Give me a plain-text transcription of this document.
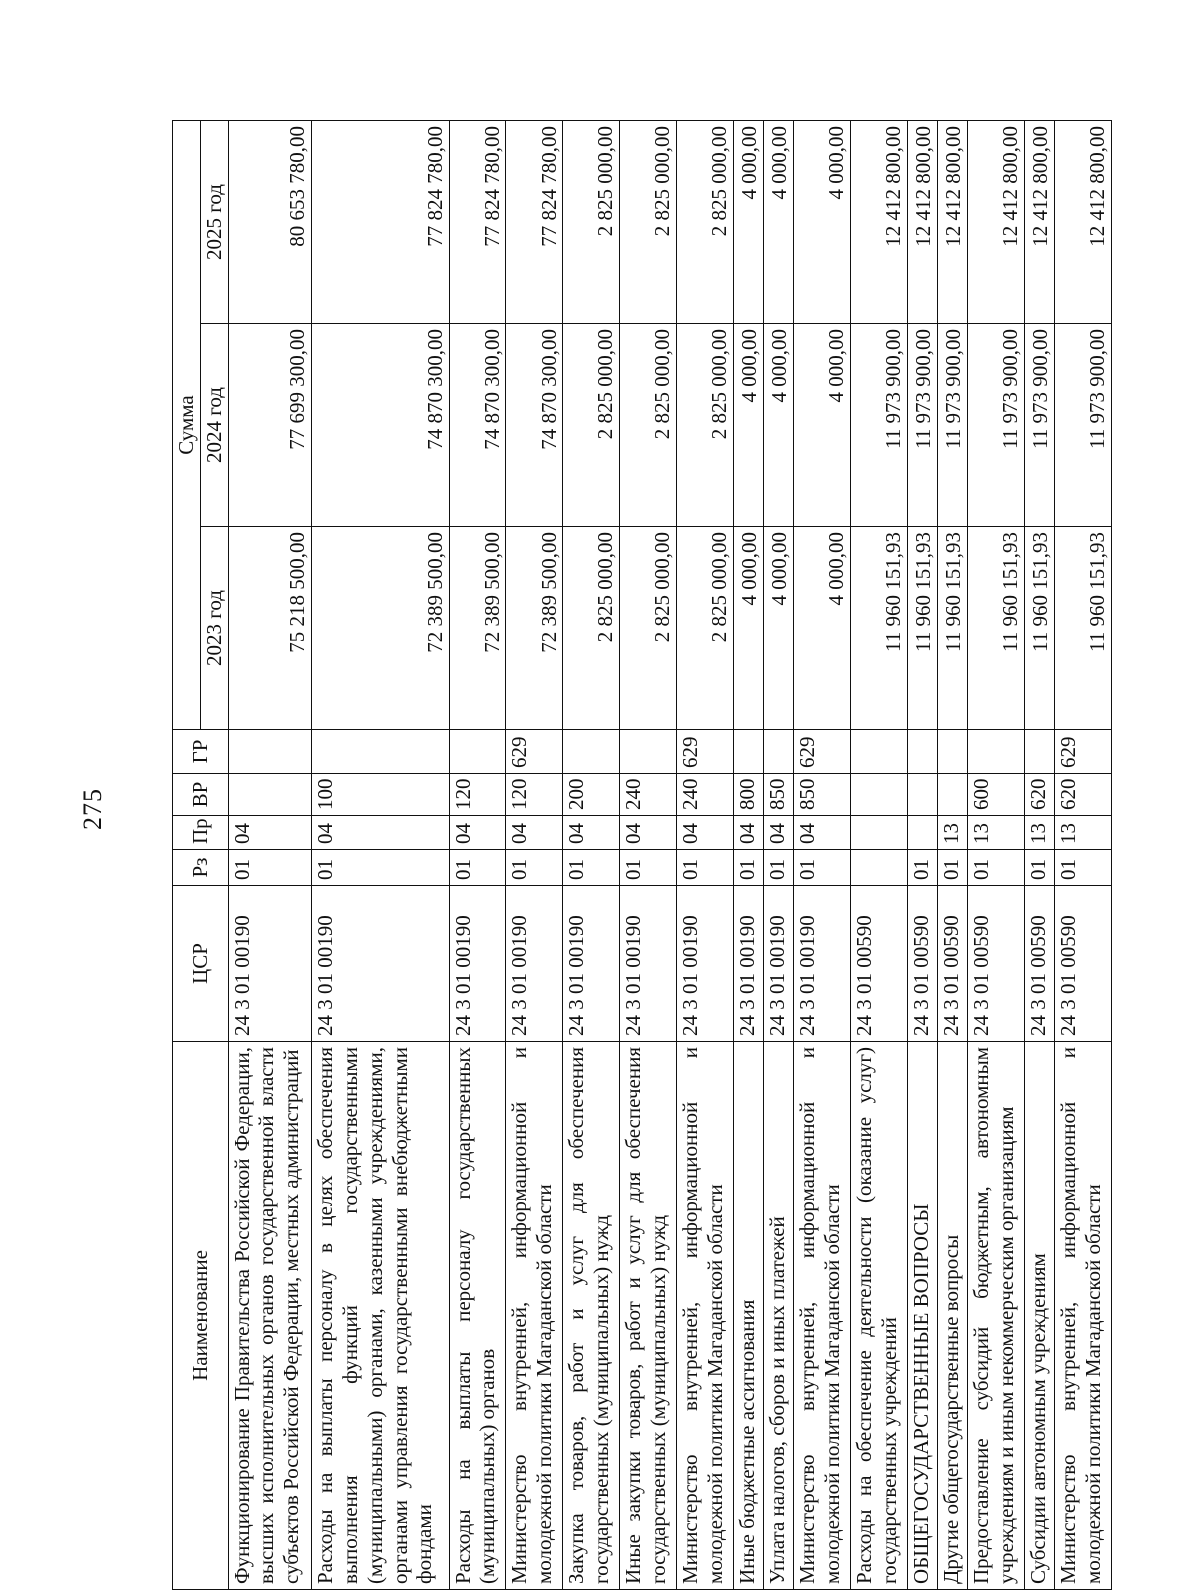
275
Наименование	ЦСР	Рз	Пр	ВР	ГР	Сумма		
						2023 год	2024 год	2025 год
Функционирование Правительства Российской Федерации, высших исполнительных органов государственной власти субъектов Российской Федерации, местных администраций	24 3 01 00190	01	04			75 218 500,00	77 699 300,00	80 653 780,00
Расходы на выплаты персоналу в целях обеспечения выполнения функций государственными (муниципальными) органами, казенными учреждениями, органами управления государственными внебюджетными фондами	24 3 01 00190	01	04	100		72 389 500,00	74 870 300,00	77 824 780,00
Расходы на выплаты персоналу государственных (муниципальных) органов	24 3 01 00190	01	04	120		72 389 500,00	74 870 300,00	77 824 780,00
Министерство внутренней, информационной и молодежной политики Магаданской области	24 3 01 00190	01	04	120	629	72 389 500,00	74 870 300,00	77 824 780,00
Закупка товаров, работ и услуг для обеспечения государственных (муниципальных) нужд	24 3 01 00190	01	04	200		2 825 000,00	2 825 000,00	2 825 000,00
Иные закупки товаров, работ и услуг для обеспечения государственных (муниципальных) нужд	24 3 01 00190	01	04	240		2 825 000,00	2 825 000,00	2 825 000,00
Министерство внутренней, информационной и молодежной политики Магаданской области	24 3 01 00190	01	04	240	629	2 825 000,00	2 825 000,00	2 825 000,00
Иные бюджетные ассигнования	24 3 01 00190	01	04	800		4 000,00	4 000,00	4 000,00
Уплата налогов, сборов и иных платежей	24 3 01 00190	01	04	850		4 000,00	4 000,00	4 000,00
Министерство внутренней, информационной и молодежной политики Магаданской области	24 3 01 00190	01	04	850	629	4 000,00	4 000,00	4 000,00
Расходы на обеспечение деятельности (оказание услуг) государственных учреждений	24 3 01 00590					11 960 151,93	11 973 900,00	12 412 800,00
ОБЩЕГОСУДАРСТВЕННЫЕ ВОПРОСЫ	24 3 01 00590	01				11 960 151,93	11 973 900,00	12 412 800,00
Другие общегосударственные вопросы	24 3 01 00590	01	13			11 960 151,93	11 973 900,00	12 412 800,00
Предоставление субсидий бюджетным, автономным учреждениям и иным некоммерческим организациям	24 3 01 00590	01	13	600		11 960 151,93	11 973 900,00	12 412 800,00
Субсидии автономным учреждениям	24 3 01 00590	01	13	620		11 960 151,93	11 973 900,00	12 412 800,00
Министерство внутренней, информационной и молодежной политики Магаданской области	24 3 01 00590	01	13	620	629	11 960 151,93	11 973 900,00	12 412 800,00
